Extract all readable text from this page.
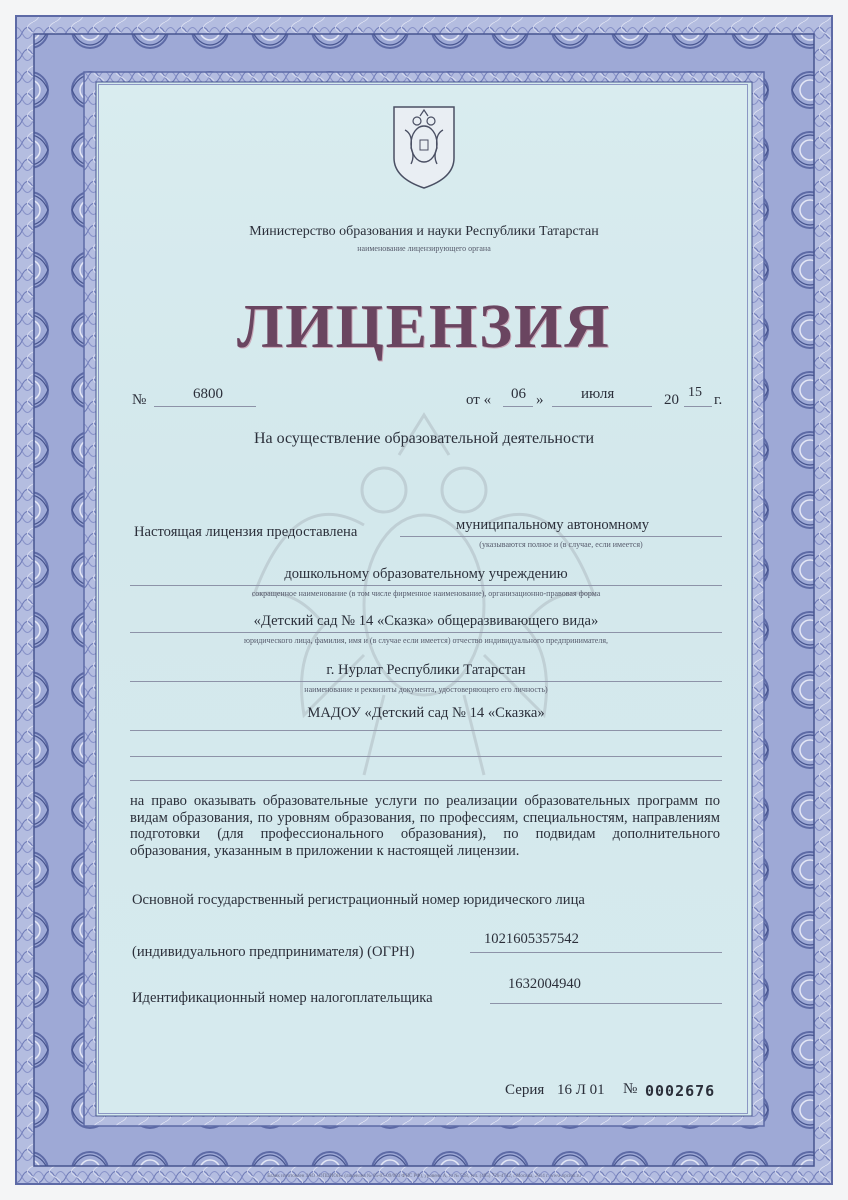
Министерство образования и науки Республики Татарстан
наименование лицензирующего органа
ЛИЦЕНЗИЯ
№	6800	от « 06 »	июля	20 15 г.
На осуществление образовательной деятельности
Настоящая лицензия предоставлена	муниципальному автономному
(указываются полное и (в случае, если имеется)
дошкольному образовательному учреждению
сокращенное наименование (в том числе фирменное наименование), организационно-правовая форма
«Детский сад № 14 «Сказка» общеразвивающего вида»
юридического лица, фамилия, имя и (в случае если имеется) отчество индивидуального предпринимателя,
г. Нурлат Республики Татарстан
наименование и реквизиты документа, удостоверяющего его личность)
МАДОУ «Детский сад № 14 «Сказка»
на право оказывать образовательные услуги по реализации образовательных программ по видам образования, по уровням образования, по профессиям, специальностям, направлениям подготовки (для профессионального образования), по подвидам дополнительного образования, указанным в приложении к настоящей лицензии.
Основной государственный регистрационный номер юридического лица
(индивидуального предпринимателя) (ОГРН)
1021605357542
Идентификационный номер налогоплательщика
1632004940
Серия 16 Л 01 № 0002676
Бланк изготовлен ЗАО «ОПЦИОН» (лицензия № 05-05-09/003 ФНС РФ), уровень А, тз № 528, тел. (495) 726-4742, г.Москва, 2014 г. www.opcion.ru
